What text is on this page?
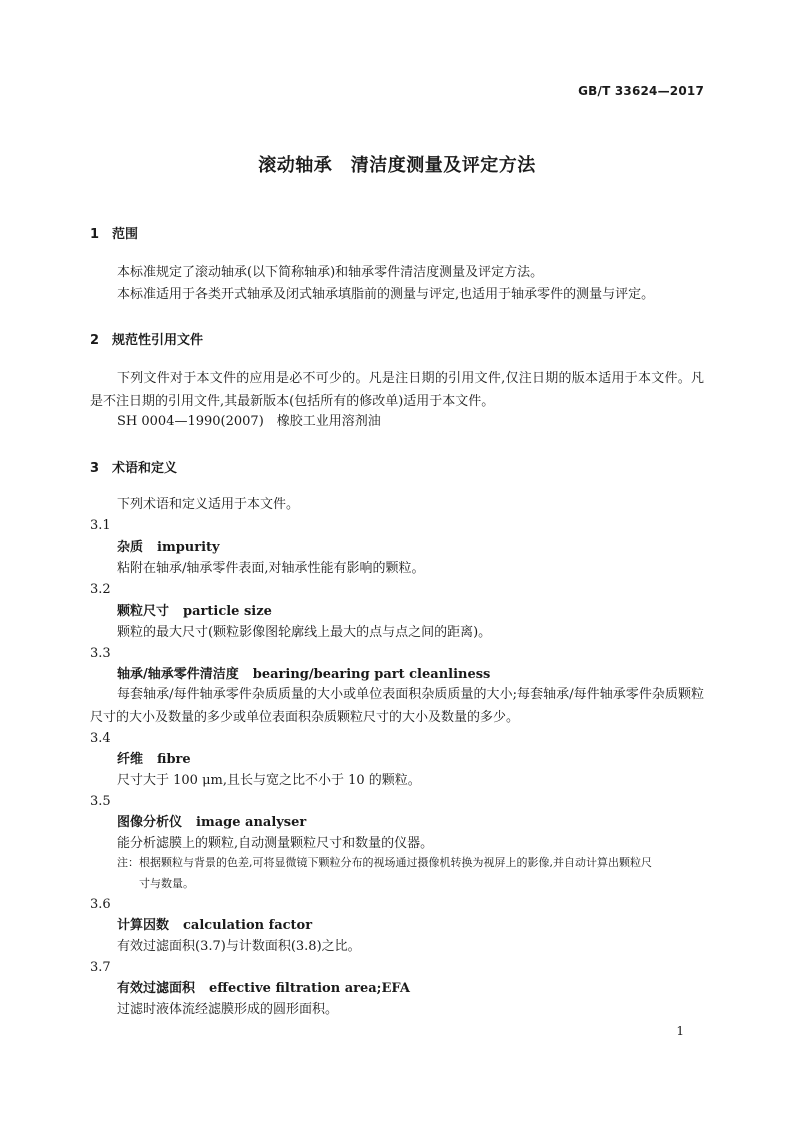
GB/T 33624—2017
滚动轴承　清洁度测量及评定方法
1 范围
本标准规定了滚动轴承(以下简称轴承)和轴承零件清洁度测量及评定方法。
本标准适用于各类开式轴承及闭式轴承填脂前的测量与评定,也适用于轴承零件的测量与评定。
2 规范性引用文件
下列文件对于本文件的应用是必不可少的。凡是注日期的引用文件,仅注日期的版本适用于本文件。凡是不注日期的引用文件,其最新版本(包括所有的修改单)适用于本文件。
SH 0004—1990(2007)　橡胶工业用溶剂油
3 术语和定义
下列术语和定义适用于本文件。
3.1
杂质 impurity
粘附在轴承/轴承零件表面,对轴承性能有影响的颗粒。
3.2
颗粒尺寸 particle size
颗粒的最大尺寸(颗粒影像图轮廓线上最大的点与点之间的距离)。
3.3
轴承/轴承零件清洁度 bearing/bearing part cleanliness
每套轴承/每件轴承零件杂质质量的大小或单位表面积杂质质量的大小;每套轴承/每件轴承零件杂质颗粒尺寸的大小及数量的多少或单位表面积杂质颗粒尺寸的大小及数量的多少。
3.4
纤维 fibre
尺寸大于 100 μm,且长与宽之比不小于 10 的颗粒。
3.5
图像分析仪 image analyser
能分析滤膜上的颗粒,自动测量颗粒尺寸和数量的仪器。
注：根据颗粒与背景的色差,可将显微镜下颗粒分布的视场通过摄像机转换为视屏上的影像,并自动计算出颗粒尺
寸与数量。
3.6
计算因数 calculation factor
有效过滤面积(3.7)与计数面积(3.8)之比。
3.7
有效过滤面积 effective filtration area;EFA
过滤时液体流经滤膜形成的圆形面积。
1
